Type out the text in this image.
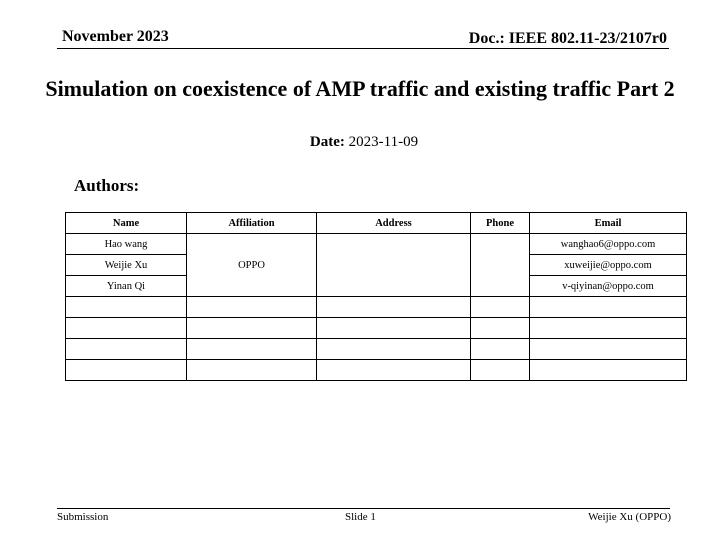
November 2023	Doc.: IEEE 802.11-23/2107r0
Simulation on coexistence of AMP traffic and existing traffic Part 2
Date: 2023-11-09
Authors:
Name	Affiliation	Address	Phone	Email
Hao wang	OPPO			wanghao6@oppo.com
Weijie Xu				xuweijie@oppo.com
Yinan Qi				v-qiyinan@oppo.com

Submission	Slide 1	Weijie Xu (OPPO)
